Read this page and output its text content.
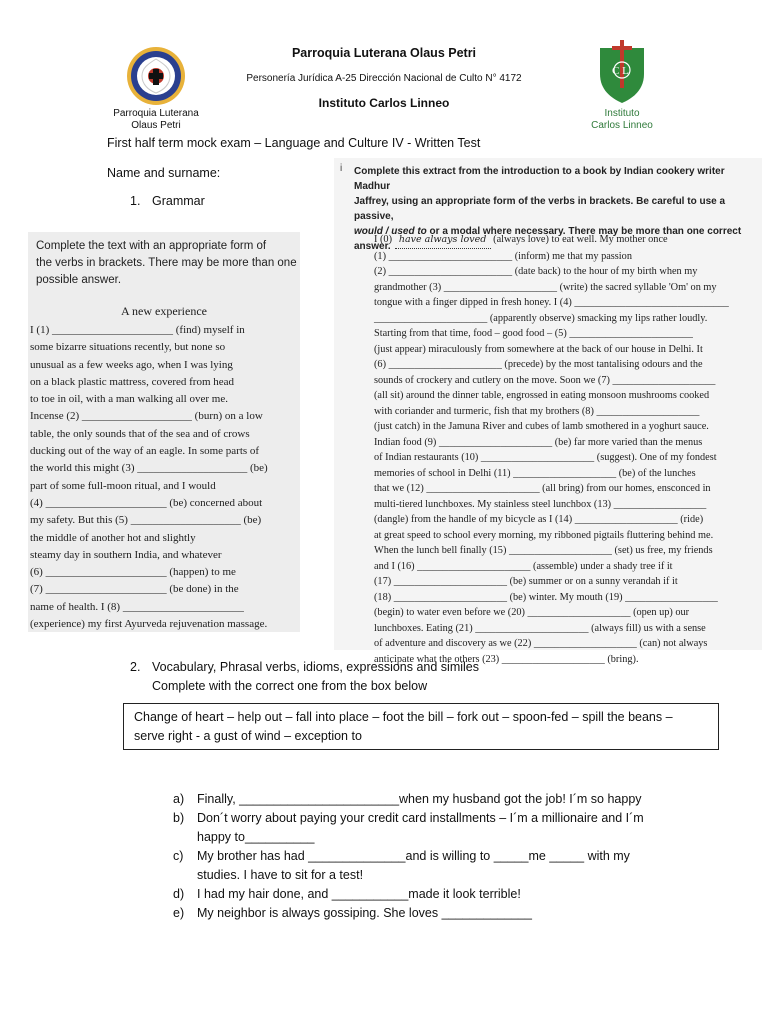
Parroquia Luterana
Olaus Petri
Parroquia Luterana Olaus Petri
Personería Jurídica A-25 Dirección Nacional de Culto N° 4172
Instituto Carlos Linneo
C L
Instituto
Carlos Linneo
First half term mock exam – Language and Culture IV - Written Test
Name and surname:
1. Grammar
Complete the text with an appropriate form of
the verbs in brackets. There may be more than one
possible answer.
A new experience
I (1) ______________________ (find) myself in
some bizarre situations recently, but none so
unusual as a few weeks ago, when I was lying
on a black plastic mattress, covered from head
to toe in oil, with a man walking all over me.
Incense (2) ____________________ (burn) on a low
table, the only sounds that of the sea and of crows
ducking out of the way of an eagle. In some parts of
the world this might (3) ____________________ (be)
part of some full-moon ritual, and I would
(4) ______________________ (be) concerned about
my safety. But this (5) ____________________ (be)
the middle of another hot and slightly
steamy day in southern India, and whatever
(6) ______________________ (happen) to me
(7) ______________________ (be done) in the
name of health. I (8) ______________________
(experience) my first Ayurveda rejuvenation massage.
i Complete this extract from the introduction to a book by Indian cookery writer Madhur
Jaffrey, using an appropriate form of the verbs in brackets. Be careful to use a passive,
would / used to or a modal where necessary. There may be more than one correct answer.
I (0) have always loved (always love) to eat well. My mother once
(1) ________________________ (inform) me that my passion
(2) ________________________ (date back) to the hour of my birth when my
grandmother (3) ______________________ (write) the sacred syllable 'Om' on my
tongue with a finger dipped in fresh honey. I (4) ______________________________
______________________ (apparently observe) smacking my lips rather loudly.
Starting from that time, food – good food – (5) ________________________
(just appear) miraculously from somewhere at the back of our house in Delhi. It
(6) ______________________ (precede) by the most tantalising odours and the
sounds of crockery and cutlery on the move. Soon we (7) ____________________
(all sit) around the dinner table, engrossed in eating monsoon mushrooms cooked
with coriander and turmeric, fish that my brothers (8) ____________________
(just catch) in the Jamuna River and cubes of lamb smothered in a yoghurt sauce.
Indian food (9) ______________________ (be) far more varied than the menus
of Indian restaurants (10) ______________________ (suggest). One of my fondest
memories of school in Delhi (11) ____________________ (be) of the lunches
that we (12) ______________________ (all bring) from our homes, ensconced in
multi-tiered lunchboxes. My stainless steel lunchbox (13) __________________
(dangle) from the handle of my bicycle as I (14) ____________________ (ride)
at great speed to school every morning, my ribboned pigtails fluttering behind me.
When the lunch bell finally (15) ____________________ (set) us free, my friends
and I (16) ______________________ (assemble) under a shady tree if it
(17) ______________________ (be) summer or on a sunny verandah if it
(18) ______________________ (be) winter. My mouth (19) __________________
(begin) to water even before we (20) ____________________ (open up) our
lunchboxes. Eating (21) ______________________ (always fill) us with a sense
of adventure and discovery as we (22) ____________________ (can) not always
anticipate what the others (23) ____________________ (bring).
2. Vocabulary, Phrasal verbs, idioms, expressions and similes
Complete with the correct one from the box below
Change of heart – help out – fall into place – foot the bill – fork out – spoon-fed – spill the beans –
serve right - a gust of wind – exception to
a)	Finally, _______________________when my husband got the job! I´m so happy
b)	Don´t worry about paying your credit card installments – I´m a millionaire and I´m
happy to__________
c)	My brother has had ______________and is willing to _____me _____ with my
studies. I have to sit for a test!
d)	I had my hair done, and ___________made it look terrible!
e)	My neighbor is always gossiping. She loves _____________
